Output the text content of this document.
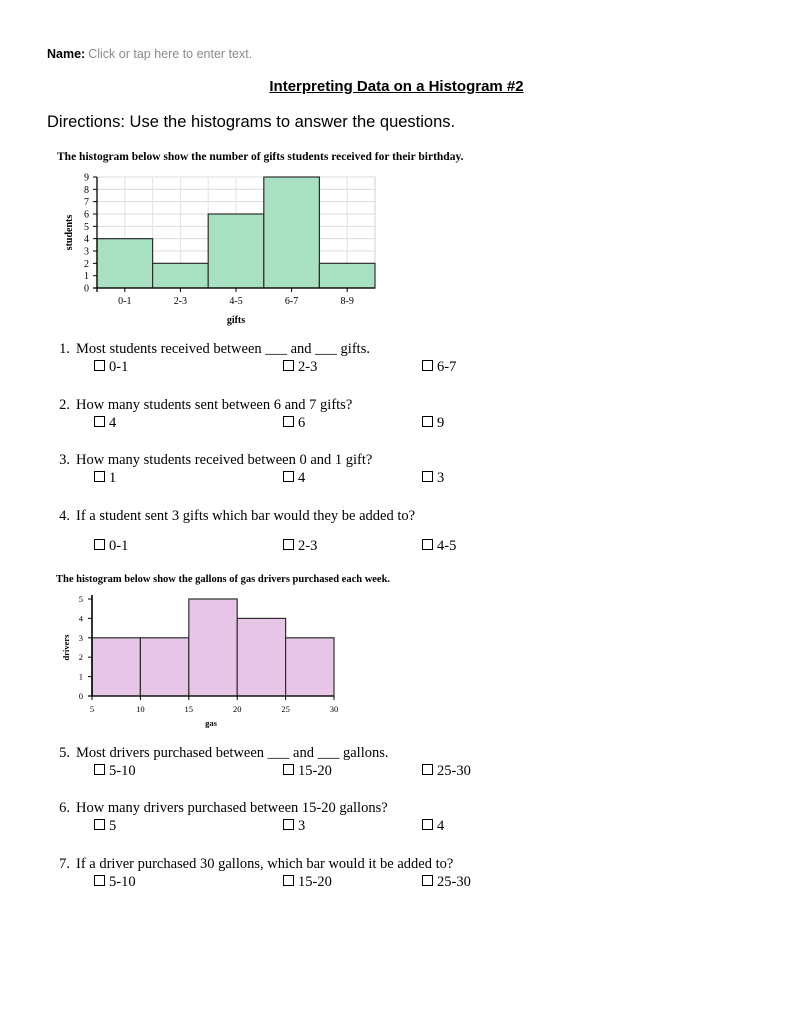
Name: Click or tap here to enter text.
Interpreting Data on a Histogram #2
Directions: Use the histograms to answer the questions.
The histogram below show the number of gifts students received for their birthday.
0
1
2
3
4
5
6
7
8
9
0-1	2-3	4-5	6-7	8-9
gifts
students
The histogram below show the gallons of gas drivers purchased each week.
0
1
2
3
4
5
5	10	15	20	25	30
gas
drivers
1. Most students received between ___ and ___ gifts.
0-1	2-3	6-7
2. How many students sent between 6 and 7 gifts?
4	6	9
3. How many students received between 0 and 1 gift?
1	4	3
4. If a student sent 3 gifts which bar would they be added to?
0-1	2-3	4-5
5. Most drivers purchased between ___ and ___ gallons.
5-10	15-20	25-30
6. How many drivers purchased between 15-20 gallons?
5	3	4
7. If a driver purchased 30 gallons, which bar would it be added to?
5-10	15-20	25-30
